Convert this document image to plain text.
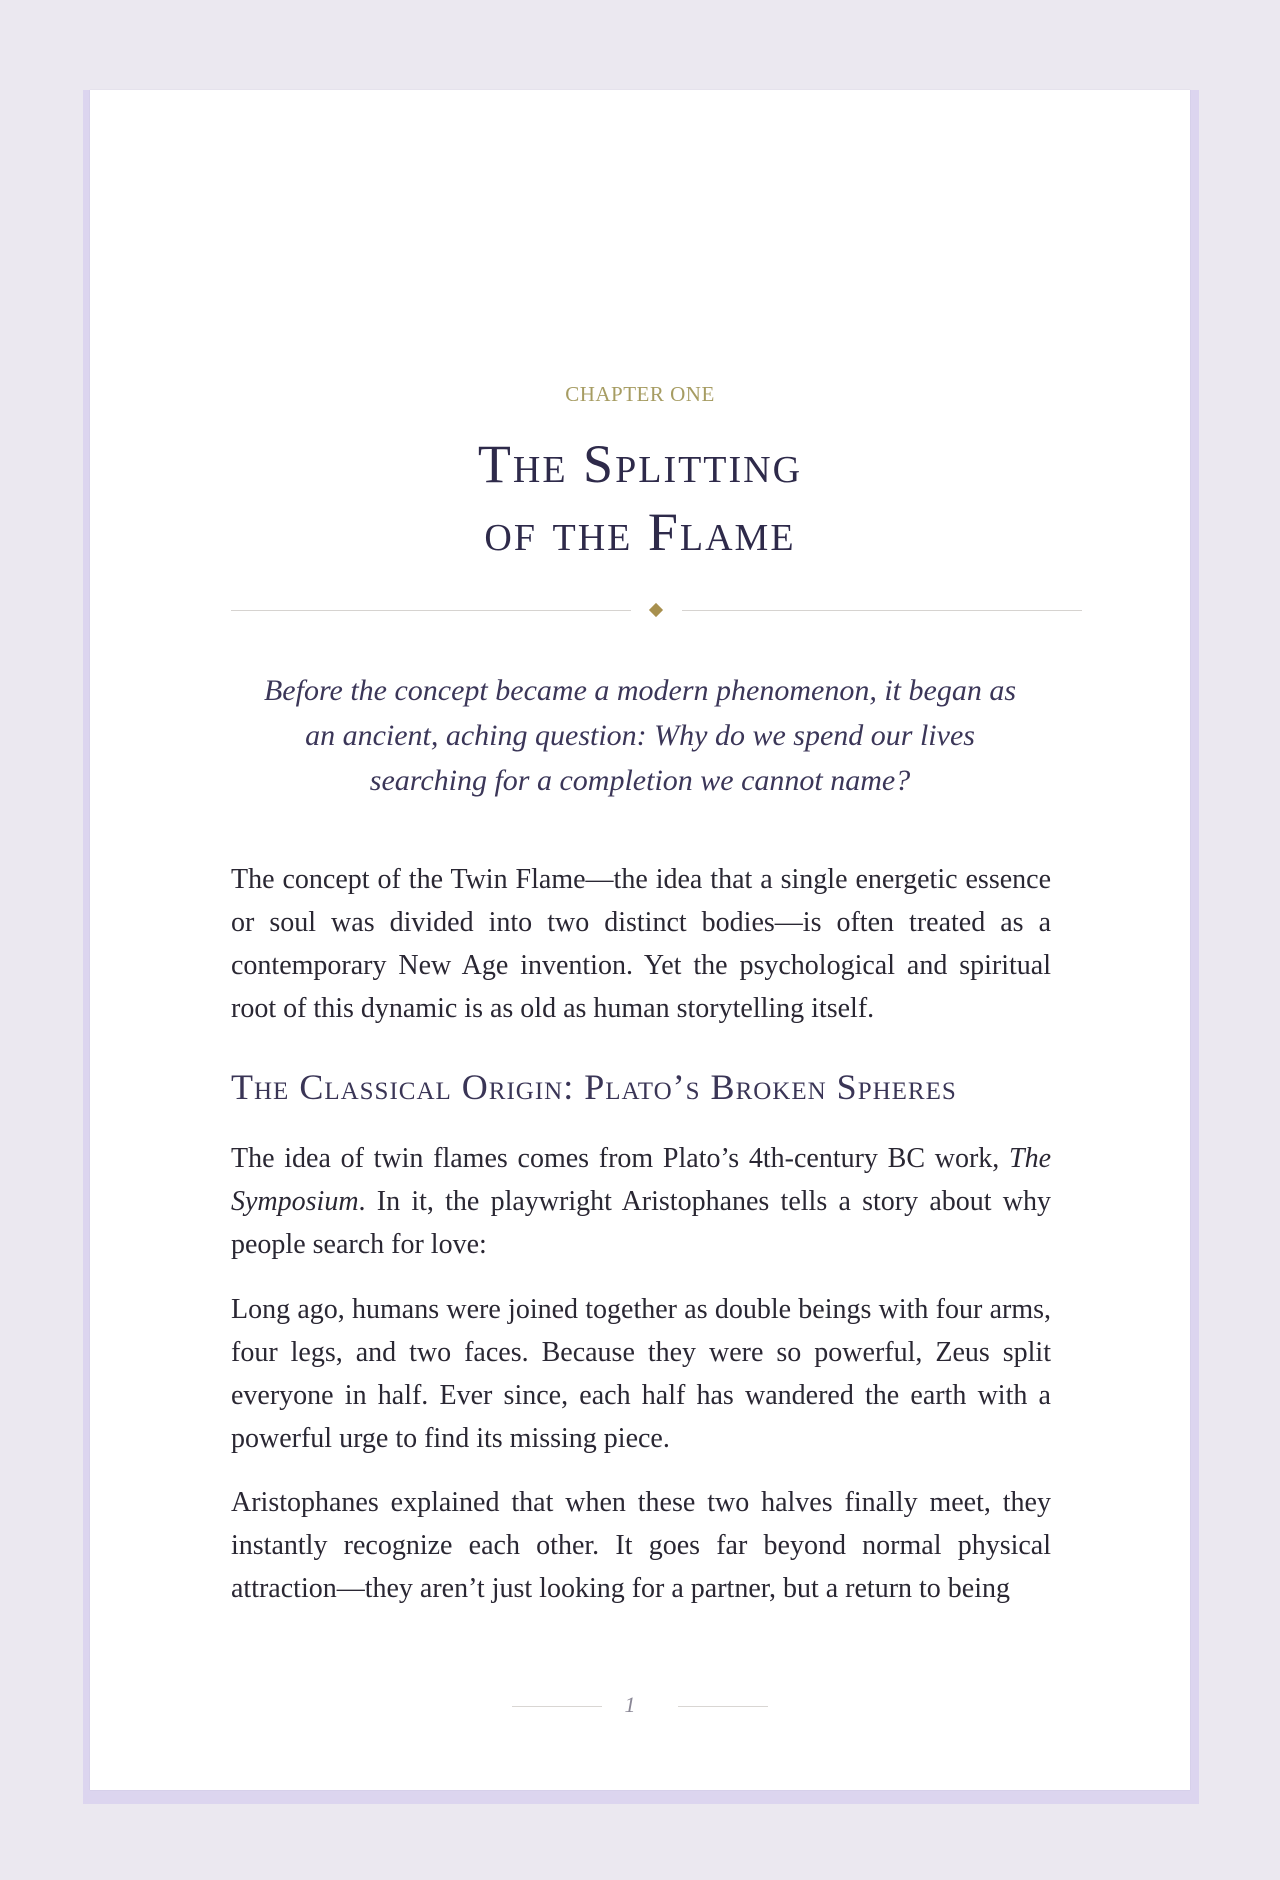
CHAPTER ONE
The Splitting
of the Flame

Before the concept became a modern phenomenon, it began as an ancient, aching question: Why do we spend our lives searching for a completion we cannot name?

The concept of the Twin Flame—the idea that a single energetic essence or soul was divided into two distinct bodies—is often treated as a contemporary New Age invention. Yet the psychological and spiritual root of this dynamic is as old as human storytelling itself.

The Classical Origin: Plato’s Broken Spheres

The idea of twin flames comes from Plato’s 4th-century BC work, The Symposium. In it, the playwright Aristophanes tells a story about why people search for love:

Long ago, humans were joined together as double beings with four arms, four legs, and two faces. Because they were so powerful, Zeus split everyone in half. Ever since, each half has wandered the earth with a powerful urge to find its missing piece.

Aristophanes explained that when these two halves finally meet, they instantly recognize each other. It goes far beyond normal physical attraction—they aren’t just looking for a partner, but a return to being

1
